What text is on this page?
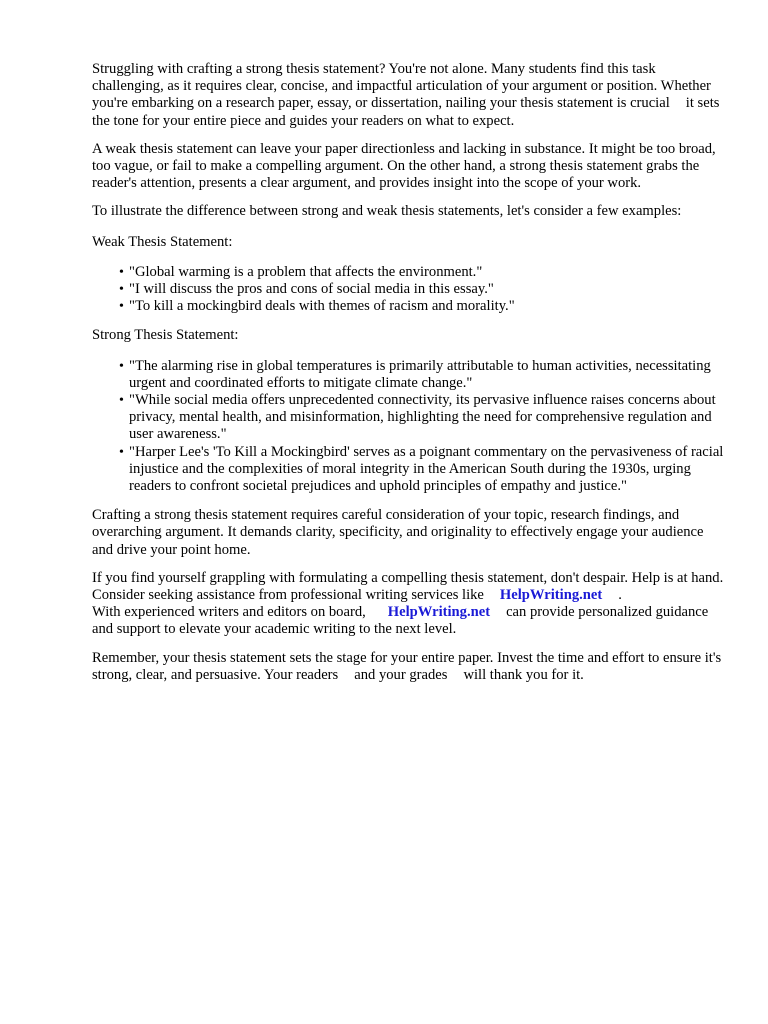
Struggling with crafting a strong thesis statement? You're not alone. Many students find this task challenging, as it requires clear, concise, and impactful articulation of your argument or position. Whether you're embarking on a research paper, essay, or dissertation, nailing your thesis statement is crucial it sets the tone for your entire piece and guides your readers on what to expect.

A weak thesis statement can leave your paper directionless and lacking in substance. It might be too broad, too vague, or fail to make a compelling argument. On the other hand, a strong thesis statement grabs the reader's attention, presents a clear argument, and provides insight into the scope of your work.

To illustrate the difference between strong and weak thesis statements, let's consider a few examples:

Weak Thesis Statement:

• "Global warming is a problem that affects the environment."
• "I will discuss the pros and cons of social media in this essay."
• "To kill a mockingbird deals with themes of racism and morality."

Strong Thesis Statement:

• "The alarming rise in global temperatures is primarily attributable to human activities, necessitating urgent and coordinated efforts to mitigate climate change."
• "While social media offers unprecedented connectivity, its pervasive influence raises concerns about privacy, mental health, and misinformation, highlighting the need for comprehensive regulation and user awareness."
• "Harper Lee's 'To Kill a Mockingbird' serves as a poignant commentary on the pervasiveness of racial injustice and the complexities of moral integrity in the American South during the 1930s, urging readers to confront societal prejudices and uphold principles of empathy and justice."

Crafting a strong thesis statement requires careful consideration of your topic, research findings, and overarching argument. It demands clarity, specificity, and originality to effectively engage your audience and drive your point home.

If you find yourself grappling with formulating a compelling thesis statement, don't despair. Help is at hand. Consider seeking assistance from professional writing services like HelpWriting.net .
With experienced writers and editors on board, HelpWriting.net can provide personalized guidance and support to elevate your academic writing to the next level.

Remember, your thesis statement sets the stage for your entire paper. Invest the time and effort to ensure it's strong, clear, and persuasive. Your readers and your grades will thank you for it.
